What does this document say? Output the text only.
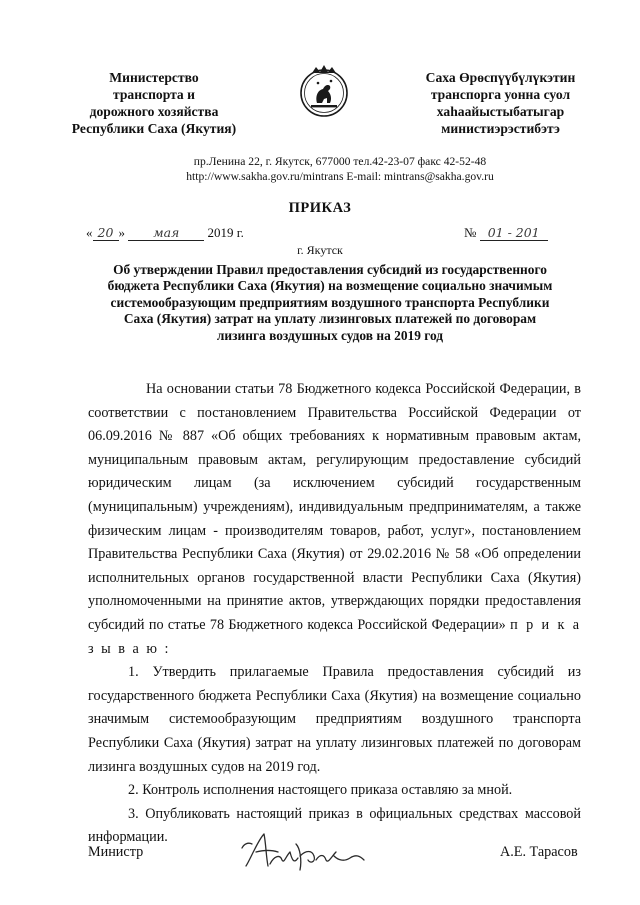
Министерство
транспорта и
дорожного хозяйства
Республики Саха (Якутия)
Саха Өрөспүүбүлүкэтин
транспорга уонна суол
хаһаайыстыбатыгар
министиэрэстибэтэ
пр.Ленина 22, г. Якутск, 677000 тел.42-23-07 факс 42-52-48
http://www.sakha.gov.ru/mintrans E-mail: mintrans@sakha.gov.ru
ПРИКАЗ
« 20 » мая 2019 г.	№ 01 - 201
г. Якутск
Об утверждении Правил предоставления субсидий из государственного
бюджета Республики Саха (Якутия) на возмещение социально значимым
системообразующим предприятиям воздушного транспорта Республики
Саха (Якутия) затрат на уплату лизинговых платежей по договорам
лизинга воздушных судов на 2019 год

На основании статьи 78 Бюджетного кодекса Российской Федерации, в соответствии с постановлением Правительства Российской Федерации от 06.09.2016 № 887 «Об общих требованиях к нормативным правовым актам, муниципальным правовым актам, регулирующим предоставление субсидий юридическим лицам (за исключением субсидий государственным (муниципальным) учреждениям), индивидуальным предпринимателям, а также физическим лицам - производителям товаров, работ, услуг», постановлением Правительства Республики Саха (Якутия) от 29.02.2016 № 58 «Об определении исполнительных органов государственной власти Республики Саха (Якутия) уполномоченными на принятие актов, утверждающих порядки предоставления субсидий по статье 78 Бюджетного кодекса Российской Федерации» п р и к а з ы в а ю :

1. Утвердить прилагаемые Правила предоставления субсидий из государственного бюджета Республики Саха (Якутия) на возмещение социально значимым системообразующим предприятиям воздушного транспорта Республики Саха (Якутия) затрат на уплату лизинговых платежей по договорам лизинга воздушных судов на 2019 год.

2. Контроль исполнения настоящего приказа оставляю за мной.

3. Опубликовать настоящий приказ в официальных средствах массовой информации.

Министр	А.Е. Тарасов
